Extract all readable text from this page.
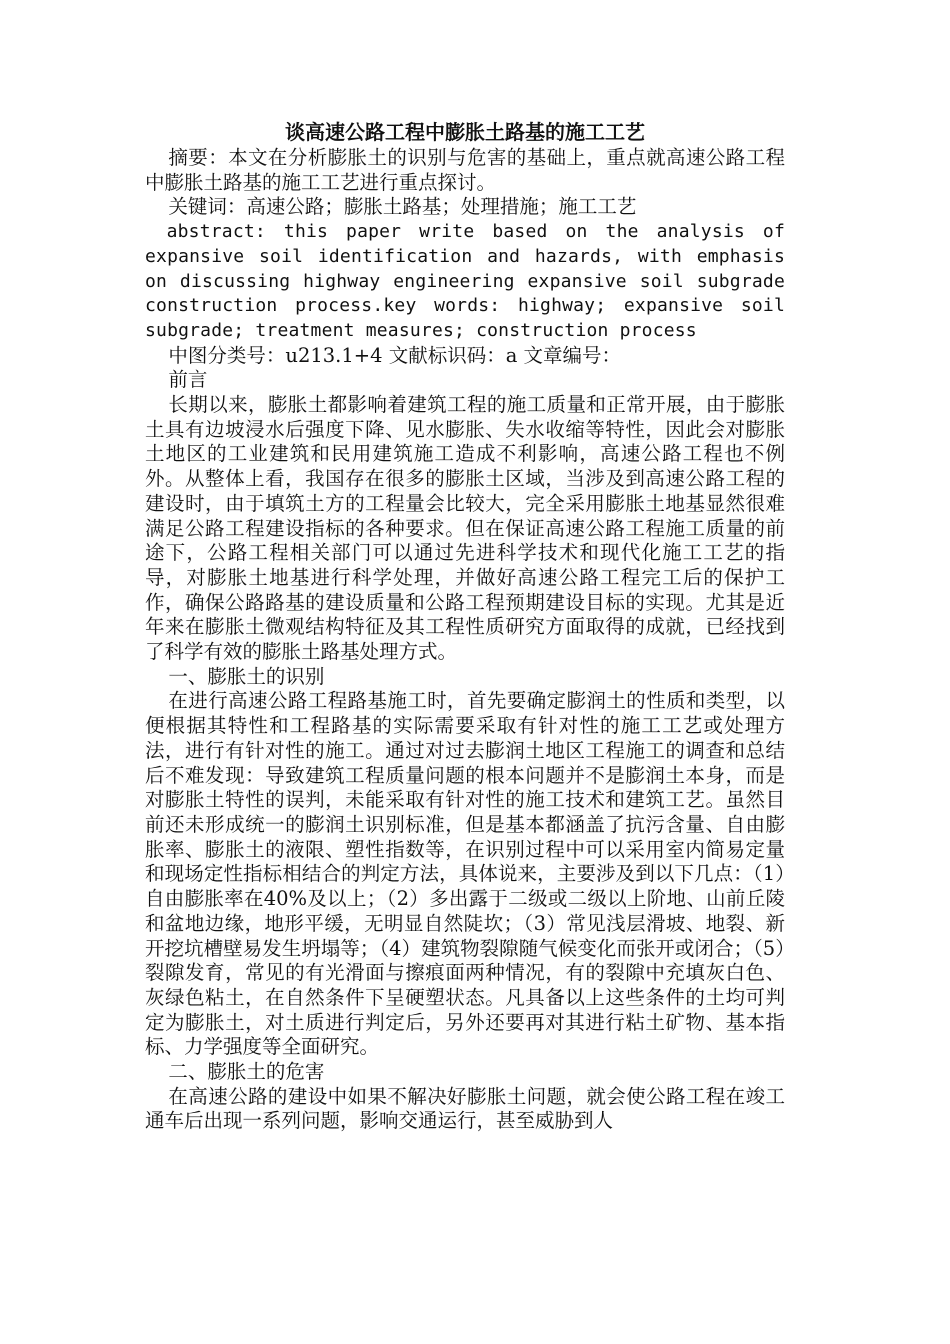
谈高速公路工程中膨胀土路基的施工工艺

摘要：本文在分析膨胀土的识别与危害的基础上，重点就高速公路工程中膨胀土路基的施工工艺进行重点探讨。

关键词：高速公路；膨胀土路基；处理措施；施工工艺

abstract: this paper write based on the analysis of expansive soil identification and hazards, with emphasis on discussing highway engineering expansive soil subgrade construction process.key words: highway; expansive soil subgrade; treatment measures; construction process

中图分类号：u213.1+4 文献标识码：a 文章编号：

前言

长期以来，膨胀土都影响着建筑工程的施工质量和正常开展，由于膨胀土具有边坡浸水后强度下降、见水膨胀、失水收缩等特性，因此会对膨胀土地区的工业建筑和民用建筑施工造成不利影响，高速公路工程也不例外。从整体上看，我国存在很多的膨胀土区域，当涉及到高速公路工程的建设时，由于填筑土方的工程量会比较大，完全采用膨胀土地基显然很难满足公路工程建设指标的各种要求。但在保证高速公路工程施工质量的前途下，公路工程相关部门可以通过先进科学技术和现代化施工工艺的指导，对膨胀土地基进行科学处理，并做好高速公路工程完工后的保护工作，确保公路路基的建设质量和公路工程预期建设目标的实现。尤其是近年来在膨胀土微观结构特征及其工程性质研究方面取得的成就，已经找到了科学有效的膨胀土路基处理方式。

一、膨胀土的识别

在进行高速公路工程路基施工时，首先要确定膨润土的性质和类型，以便根据其特性和工程路基的实际需要采取有针对性的施工工艺或处理方法，进行有针对性的施工。通过对过去膨润土地区工程施工的调查和总结后不难发现：导致建筑工程质量问题的根本问题并不是膨润土本身，而是对膨胀土特性的误判，未能采取有针对性的施工技术和建筑工艺。虽然目前还未形成统一的膨润土识别标准，但是基本都涵盖了抗污含量、自由膨胀率、膨胀土的液限、塑性指数等，在识别过程中可以采用室内简易定量和现场定性指标相结合的判定方法，具体说来，主要涉及到以下几点：（1）自由膨胀率在40%及以上；（2）多出露于二级或二级以上阶地、山前丘陵和盆地边缘，地形平缓，无明显自然陡坎；（3）常见浅层滑坡、地裂、新开挖坑槽壁易发生坍塌等；（4）建筑物裂隙随气候变化而张开或闭合；（5）裂隙发育，常见的有光滑面与擦痕面两种情况，有的裂隙中充填灰白色、灰绿色粘土，在自然条件下呈硬塑状态。凡具备以上这些条件的土均可判定为膨胀土，对土质进行判定后，另外还要再对其进行粘土矿物、基本指标、力学强度等全面研究。

二、膨胀土的危害

在高速公路的建设中如果不解决好膨胀土问题，就会使公路工程在竣工通车后出现一系列问题，影响交通运行，甚至威胁到人
